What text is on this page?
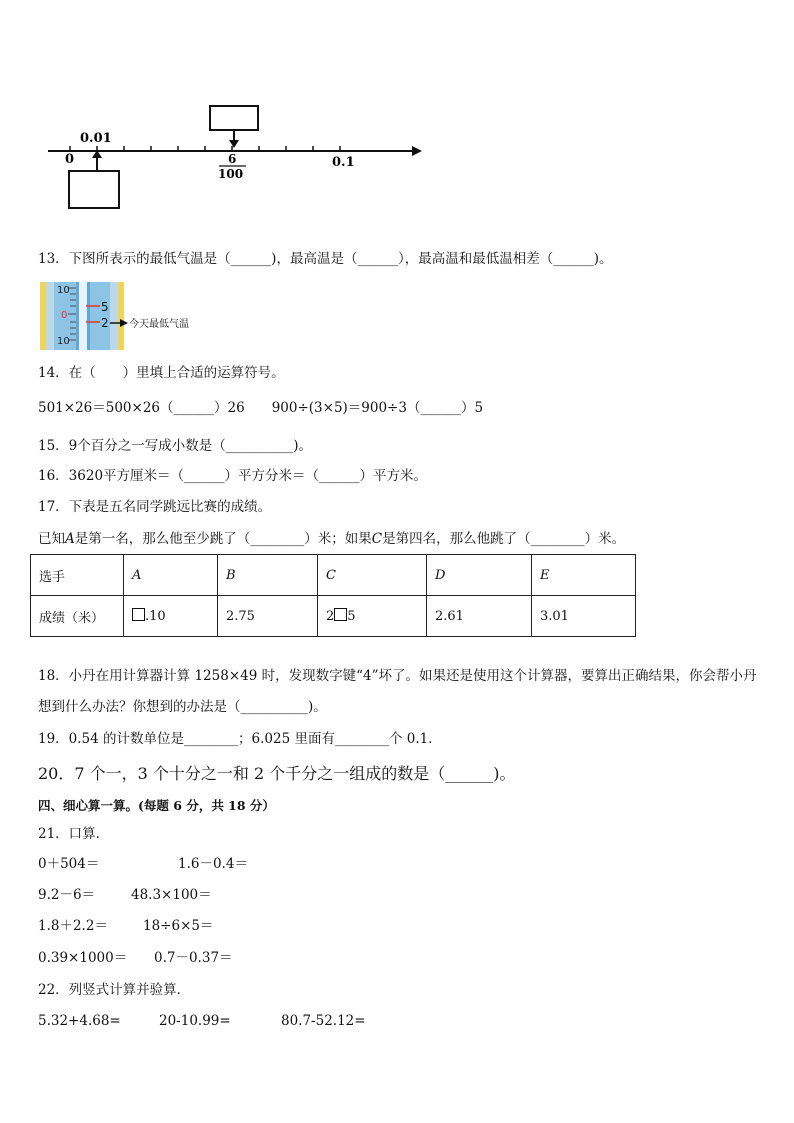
0.01
0	6
100
0.1
13．下图所表示的最低气温是（______)，最高温是（______），最高温和最低温相差（______)。
10
0
10
5
2 今天最低气温
14．在（　　）里填上合适的运算符号。
501×26＝500×26（______）26　　900÷(3×5)＝900÷3（______）5
15．9个百分之一写成小数是（__________)。
16．3620平方厘米＝（______）平方分米＝（______）平方米。
17．下表是五名同学跳远比赛的成绩。
已知A是第一名，那么他至少跳了（________）米；如果C是第四名，那么他跳了（________）米。
选手	A	B	C	D	E
成绩（米）	.10	2.75	2 5	2.61	3.01
18．小丹在用计算器计算 1258×49 时，发现数字键“4”坏了。如果还是使用这个计算器，要算出正确结果，你会帮小丹
想到什么办法？你想到的办法是（__________)。
19．0.54 的计数单位是________；6.025 里面有________个 0.1．
20．7 个一，3 个十分之一和 2 个千分之一组成的数是（______)。
四、细心算一算。(每题 6 分，共 18 分）
21．口算．
0＋504＝	1.6－0.4＝
9.2－6＝	48.3×100＝
1.8＋2.2＝	18÷6×5＝
0.39×1000＝ 0.7－0.37＝
22．列竖式计算并验算．
5.32+4.68=	20-10.99=	80.7-52.12=
